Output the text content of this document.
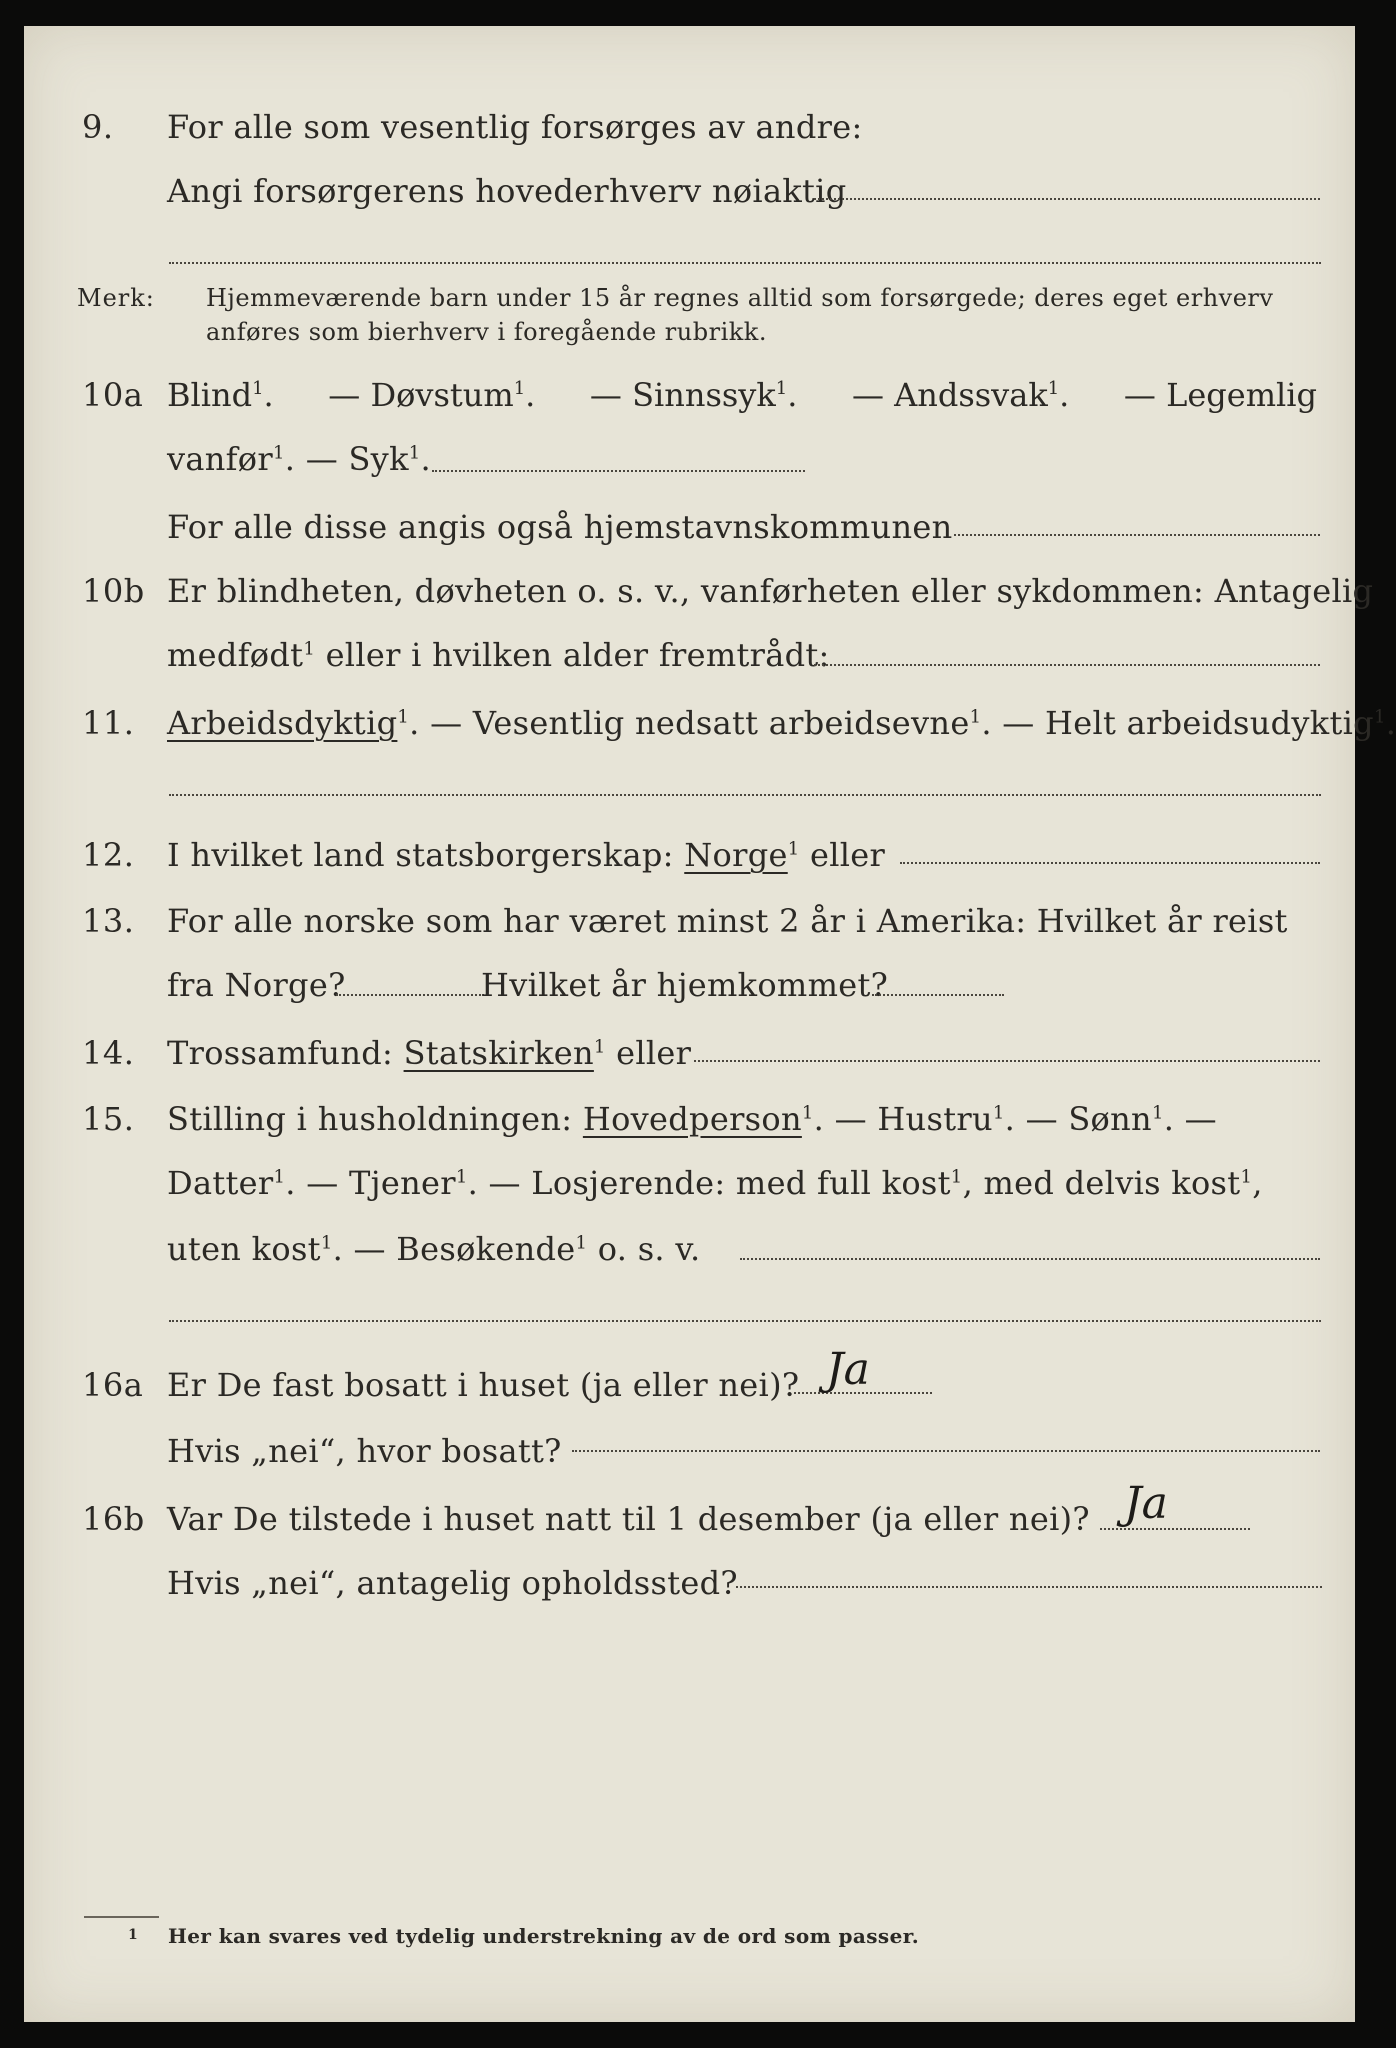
9. For alle som vesentlig forsørges av andre:
Angi forsørgerens hovederhverv nøiaktig
Merk: Hjemmeværende barn under 15 år regnes alltid som forsørgede; deres eget erhverv
anføres som bierhverv i foregående rubrikk.
10a Blind1. — Døvstum1. — Sinnssyk1. — Andssvak1. — Legemlig
vanfør$^1$. — Syk$^1$.
For alle disse angis også hjemstavnskommunen
10b Er blindheten, døvheten o. s. v., vanførheten eller sykdommen: Antagelig
medfødt$^1$ eller i hvilken alder fremtrådt:
11. Arbeidsdyktig$^1$. — Vesentlig nedsatt arbeidsevne$^1$. — Helt arbeidsudyktig$^1$.
12. I hvilket land statsborgerskap: Norge$^1$ eller
13. For alle norske som har været minst 2 år i Amerika: Hvilket år reist
fra Norge?	Hvilket år hjemkommet?
14. Trossamfund: Statskirken$^1$ eller
15. Stilling i husholdningen: Hovedperson$^1$. — Hustru$^1$. — Sønn$^1$. —
Datter$^1$. — Tjener$^1$. — Losjerende: med full kost$^1$, med delvis kost$^1$,
uten kost$^1$. — Besøkende$^1$ o. s. v.
16a Er De fast bosatt i huset (ja eller nei)? Ja
Hvis „nei“, hvor bosatt?
16b Var De tilstede i huset natt til 1 desember (ja eller nei)? Ja
Hvis „nei“, antagelig opholdssted?
1 Her kan svares ved tydelig understrekning av de ord som passer.
